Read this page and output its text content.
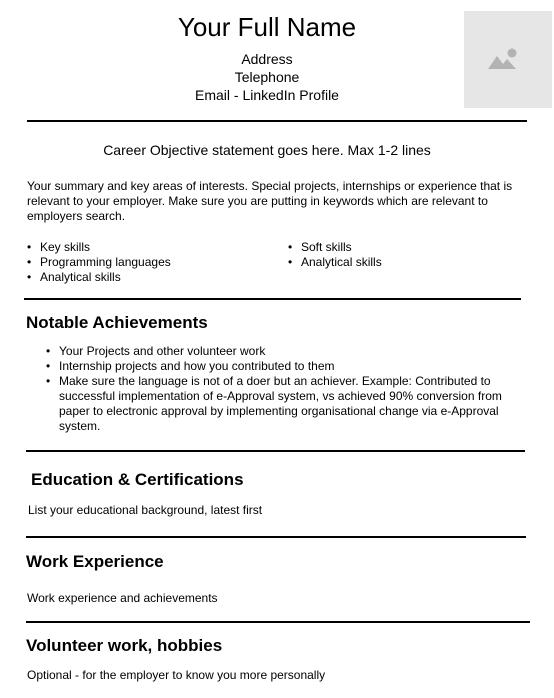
Your Full Name
Address
Telephone
Email - LinkedIn Profile
Career Objective statement goes here. Max 1-2 lines
Your summary and key areas of interests. Special projects, internships or experience that is relevant to your employer. Make sure you are putting in keywords which are relevant to employers search.
• Key skills
• Programming languages
• Analytical skills
• Soft skills
• Analytical skills
Notable Achievements
• Your Projects and other volunteer work
• Internship projects and how you contributed to them
• Make sure the language is not of a doer but an achiever. Example: Contributed to successful implementation of e-Approval system, vs achieved 90% conversion from paper to electronic approval by implementing organisational change via e-Approval system.
Education & Certifications
List your educational background, latest first
Work Experience
Work experience and achievements
Volunteer work, hobbies
Optional - for the employer to know you more personally
